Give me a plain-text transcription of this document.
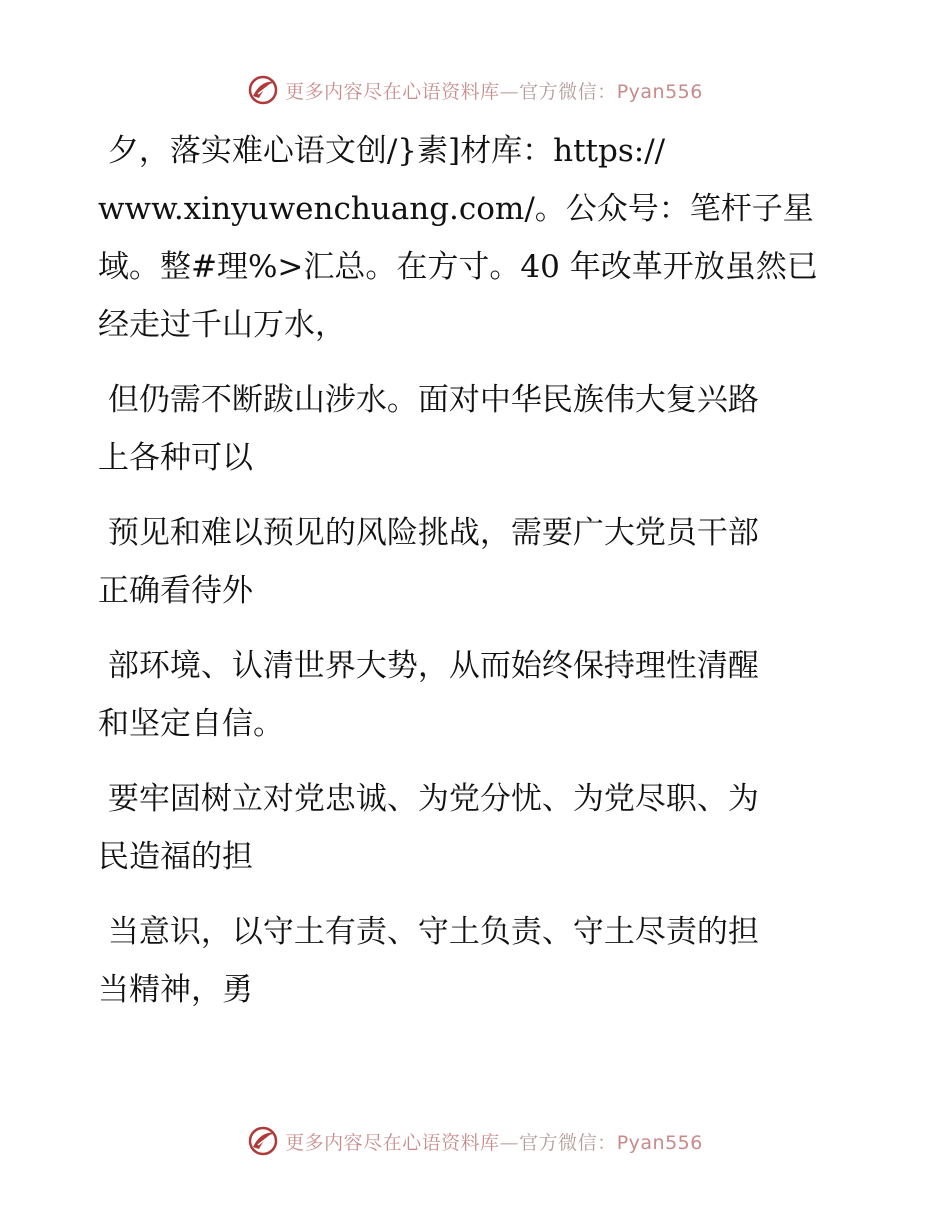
更多内容尽在心语资料库—官方微信：Pyan556

夕，落实难心语文创/}素]材库：https://
www.xinyuwenchuang.com/。公众号：笔杆子星
域。整#理%>汇总。在方寸。40 年改革开放虽然已
经走过千山万水，

但仍需不断跋山涉水。面对中华民族伟大复兴路
上各种可以

预见和难以预见的风险挑战，需要广大党员干部
正确看待外

部环境、认清世界大势，从而始终保持理性清醒
和坚定自信。

要牢固树立对党忠诚、为党分忧、为党尽职、为
民造福的担

当意识，以守土有责、守土负责、守土尽责的担
当精神，勇

更多内容尽在心语资料库—官方微信：Pyan556
